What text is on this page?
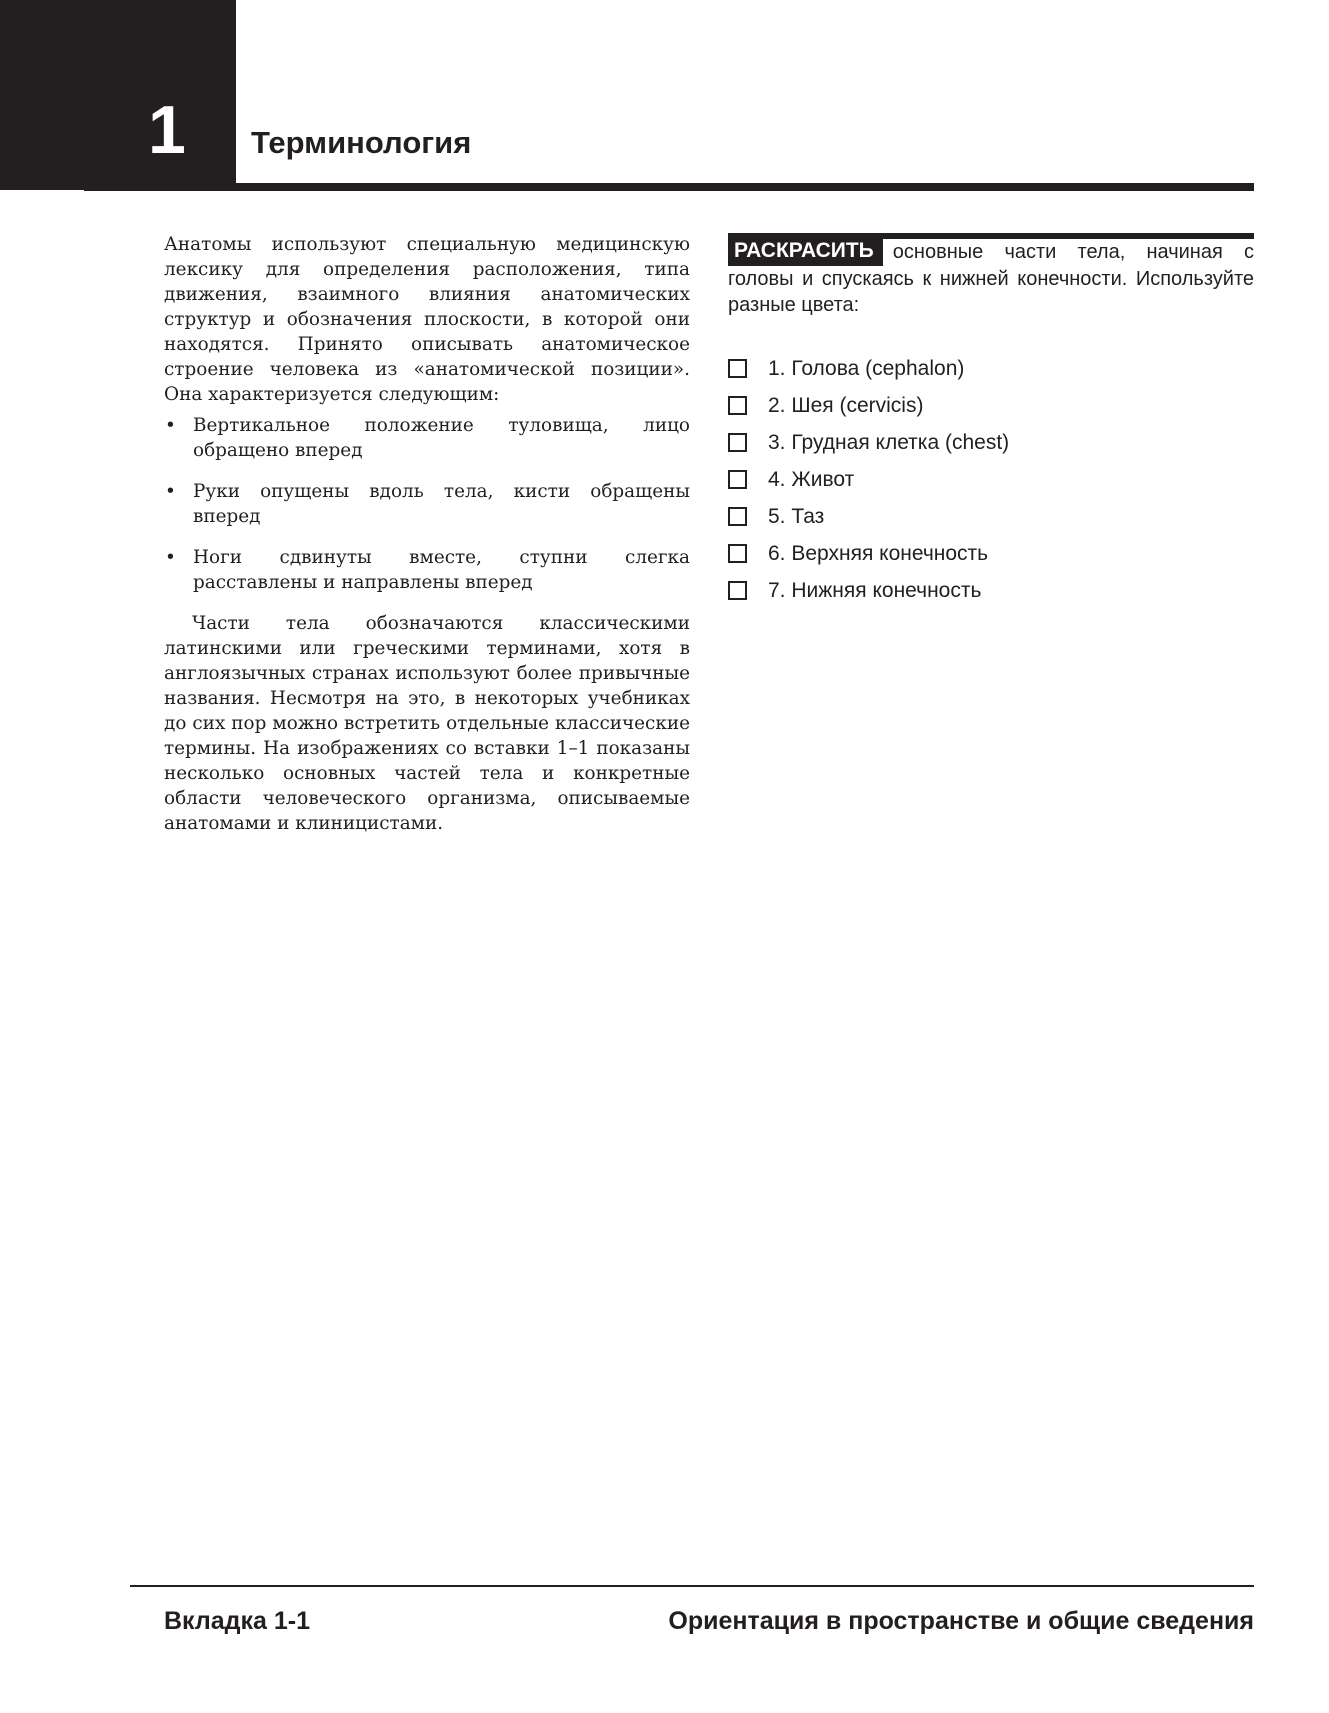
1 Терминология

Анатомы используют специальную медицинскую лексику для определения расположения, типа движения, взаимного влияния анатомических структур и обозначения плоскости, в которой они находятся. Принято описывать анатомическое строение человека из «анатомической позиции». Она характеризуется следующим:

• Вертикальное положение туловища, лицо обращено вперед
• Руки опущены вдоль тела, кисти обращены вперед
• Ноги сдвинуты вместе, ступни слегка расставлены и направлены вперед

Части тела обозначаются классическими латинскими или греческими терминами, хотя в англоязычных странах используют более привычные названия. Несмотря на это, в некоторых учебниках до сих пор можно встретить отдельные классические термины. На изображениях со вставки 1–1 показаны несколько основных частей тела и конкретные области человеческого организма, описываемые анатомами и клиницистами.

РАСКРАСИТЬ основные части тела, начиная с головы и спускаясь к нижней конечности. Используйте разные цвета:
1. Голова (cephalon)
2. Шея (cervicis)
3. Грудная клетка (chest)
4. Живот
5. Таз
6. Верхняя конечность
7. Нижняя конечность
Вкладка 1-1	Ориентация в пространстве и общие сведения
